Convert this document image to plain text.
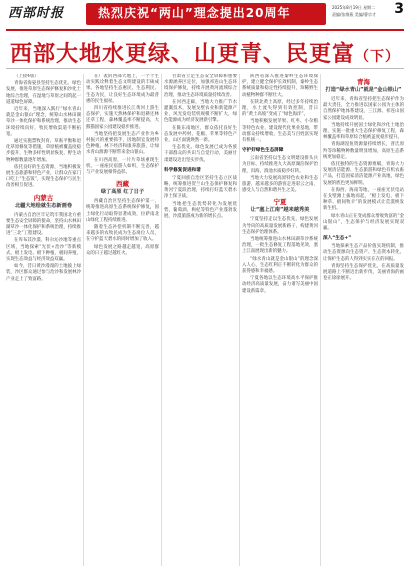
西部时报	热烈庆祝“两山”理念提出20周年	2025年8月19日 星期二
责编/张维燕 美编/曹宗才 3
西部大地水更绿、山更青、民更富（下）
（上接4版）
青海省海晏县坚持生态优先、绿色发展，推进草原生态保护修复和沙化土地综合治理，在湿地与草原之间筑起一道道绿色屏障。
近年来，当地深入践行“绿水青山就是金山银山”理念，统筹山水林田湖草沙一体化保护和系统治理，推动生态环境持续向好，牧民增收渠道不断拓宽。
通过实施禁牧封育、草畜平衡和退化草原修复等措施，草原植被覆盖度稳步提升，生物多样性明显恢复，野生动物种群数量逐年增加。
依托良好的生态资源，当地积极发展生态旅游和特色产业，让群众在家门口吃上“生态饭”，实现生态保护与民生改善相互促进。
内蒙古
北疆大地绘就生态新画卷
内蒙古自治区牢记筑牢我国北方重要生态安全屏障的使命，坚持山水林田湖草沙一体化保护和系统治理，持续推进“三北”工程建设。
在库布其沙漠、科尔沁沙地等重点区域，当地探索“光伏+治沙”等新模式，板上发电、板下种植、板间养殖，实现生态效益与经济效益双赢。
如今，昔日黄沙漫漫的土地披上绿装，沙区群众通过参与治沙和发展林沙产业走上了致富路。
在广袤的西部大地上，一个个生动实践诠释着生态文明建设的丰硕成果。各地坚持生态惠民、生态利民、生态为民，让良好生态环境成为最普惠的民生福祉。
四川省持续推进长江黄河上游生态保护，实施天然林保护和退耕还林还草工程，森林覆盖率不断提高，大熊猫国家公园建设稳步推进。
当地坚持把发展生态产业作为乡村振兴的重要抓手，因地制宜发展特色种植、林下经济和康养旅游，让绿水青山源源不断带来金山银山。
在川西高原，一片片草场重现生机，一座座民宿游人如织，生态保护与产业发展相得益彰。
西藏
绿了高原 红了日子
西藏自治区坚持生态保护第一，统筹推进高原生态系统保护修复，国土绿化行动取得显著成效，拉萨南北山绿化工程持续推进。
随着生态补偿机制不断完善，越来越多的农牧民成为生态岗位人员，在守护蓝天碧水的同时增加了收入。
绿色发展之路越走越宽，高原群众的日子越过越红火。
甘肃省立足生态安全屏障和重要水源涵养区定位，加强祁连山生态环境保护修复，持续开展黄河流域综合治理，推动生态环境质量持续改善。
在河西走廊，当地大力推广节水灌溉技术，发展戈壁农业和新能源产业，风光发电装机规模不断扩大，绿色能源成为经济发展新引擎。
在陇东南地区，群众依托良好生态发展中药材、花椒、苹果等特色产业，山区面貌焕然一新。
生态优先、绿色发展已成为各族干部群众的共识与自觉行动，美丽甘肃建设迈出坚实步伐。
科学修复促进和谐
宁夏回族自治区坚持生态立区战略，统筹推进贺兰山生态保护修复和黄河宁夏段治理，持续打好蓝天碧水净土保卫战。
当地把生态优势转化为发展优势，葡萄酒、枸杞等特色产业蓬勃发展，沙漠旅游成为新的增长点。
陕西省深入推进秦岭生态环境保护，建立健全保护长效机制，秦岭生态系统质量和稳定性持续提升，珍稀野生动植物种群不断壮大。
在陕北黄土高原，经过多年持续治理，水土流失得到有效控制，昔日的“黄土高坡”变成了“绿色海洋”。
当地积极发展苹果、红枣、小杂粮等特色农业，建设现代化果业基地，带动群众持续增收，生态美与百姓富实现有机统一。
守护好绿色生态屏障
云南省坚持以生态文明建设排头兵为目标，持续推进九大高原湖泊保护治理，洱海、滇池水质稳步好转。
当地大力发展高原特色农业和生态旅游，越来越多的游客走进彩云之南，感受人与自然和谐共生之美。
宁夏
让“塞上江南”越来越秀美
宁夏坚持走以生态优先、绿色发展为导向的高质量发展新路子，构建黄河生态保护治理体系。
当地统筹推进山水林田湖草沙系统治理，一批生态修复工程落地见效，塞上江南展现出新的魅力。
“绿水青山就是金山银山”的理念深入人心，生态红利正不断转化为群众的获得感和幸福感。
宁夏各地以生态环境高水平保护推动经济高质量发展，奋力谱写美丽中国建设新篇章。
青海
打造“绿水青山”就是“金山银山”
近年来，青海省坚持把生态保护作为最大责任，全力推进以国家公园为主体的自然保护地体系建设，三江源、祁连山国家公园建设成效明显。
当地持续开展国土绿化和沙化土地治理，实施一批重大生态保护修复工程，森林覆盖率和草原综合植被盖度稳步提升。
青海湖湟鱼资源量持续增长，普氏原羚等珍稀物种数量明显增加，高原生态系统更加稳定。
依托独特的生态资源禀赋，青海大力发展清洁能源、生态旅游和绿色有机农畜产品，打造国家清洁能源产业高地，绿色发展的底色更加鲜明。
在海西、海南等地，一座座光伏电站在戈壁滩上拔地而起，“板上发电、板下种草、板间牧羊”的发展模式让荒漠焕发新生机。
绿水青山正在变成群众增收致富的“金山银山”，生态保护与经济发展实现双赢。
深入“生态+”
当地探索生态产品价值实现机制，推动生态资源向生态资产、生态资本转化，让保护生态的人得到实实在在的回报。
青海坚持生态保护优先，在高质量发展道路上不断迈出新步伐，美丽青海的画卷正徐徐展开。
